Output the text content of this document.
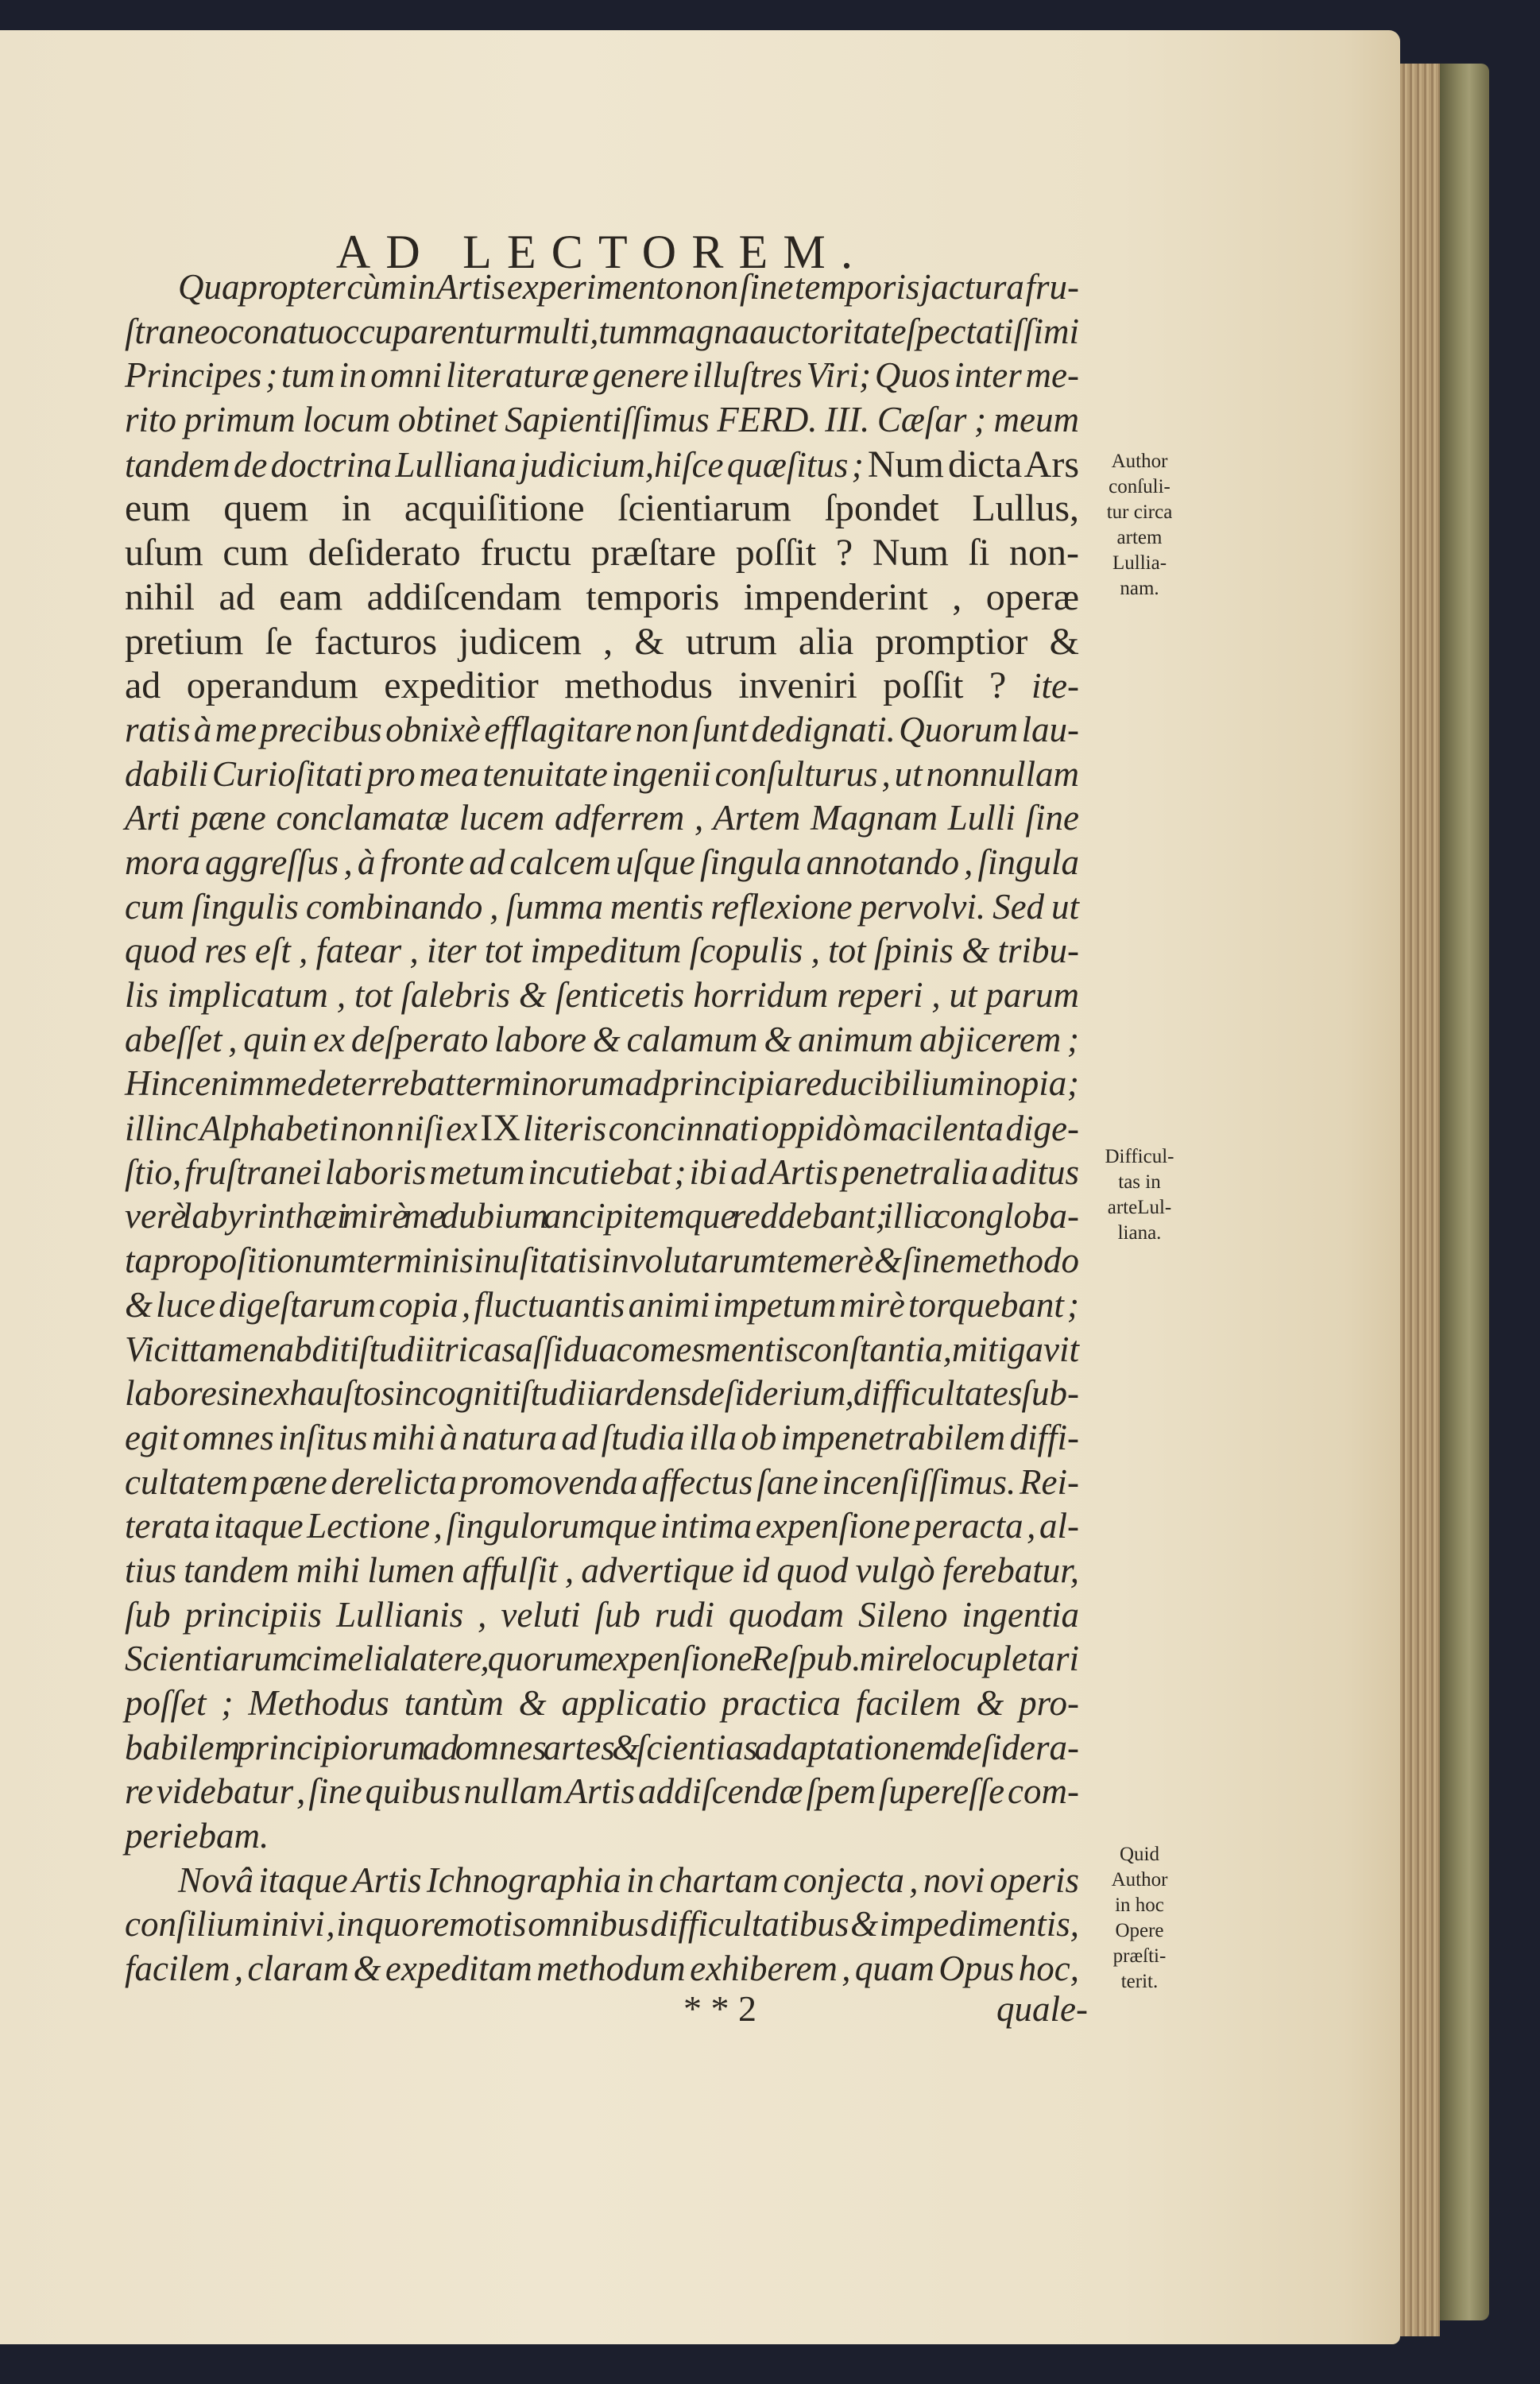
AD LECTOREM.
Quapropter cùm in Artis experimento non ſine temporis jactura fru-
ſtraneo conatu occuparentur multi , tum magna auctoritate ſpectatiſſimi
Principes ; tum in omni literaturæ genere illuſtres Viri; Quos inter me-
rito primum locum obtinet Sapientiſſimus FERD. III. Cæſar ; meum
tandem de doctrina Lulliana judicium,hiſce quæſitus ; Num dicta Ars
eum quem in acquiſitione ſcientiarum ſpondet Lullus,
uſum cum deſiderato fructu præſtare poſſit ? Num ſi non-
nihil ad eam addiſcendam temporis impenderint , operæ
pretium ſe facturos judicem , & utrum alia promptior &
ad operandum expeditior methodus inveniri poſſit ? ite-
ratis à me precibus obnixè efflagitare non ſunt dedignati. Quorum lau-
dabili Curioſitati pro mea tenuitate ingenii conſulturus , ut nonnullam
Arti pæne conclamatæ lucem adferrem , Artem Magnam Lulli ſine
mora aggreſſus , à fronte ad calcem uſque ſingula annotando , ſingula
cum ſingulis combinando , ſumma mentis reflexione pervolvi. Sed ut
quod res eſt , fatear , iter tot impeditum ſcopulis , tot ſpinis & tribu-
lis implicatum , tot ſalebris & ſenticetis horridum reperi , ut parum
abeſſet , quin ex deſperato labore & calamum & animum abjicerem ;
Hinc enim me deterrebat terminorum ad principia reducibilium inopia ;
illinc Alphabeti non niſi ex IX literis concinnati oppidò macilenta dige-
ſtio, fruſtranei laboris metum incutiebat ; ibi ad Artis penetralia aditus
verè labyrinthæi mirè me dubium ancipitemque reddebant; illic congloba-
ta propoſitionum terminis inuſitatis involutarum temerè & ſine methodo
& luce digeſtarum copia , fluctuantis animi impetum mirè torquebant ;
Vicit tamen abditi ſtudii tricas aſſidua comes mentis conſtantia,mitigavit
labores inexhauſtos incogniti ſtudii ardens deſiderium , difficultates ſub-
egit omnes inſitus mihi à natura ad ſtudia illa ob impenetrabilem diffi-
cultatem pæne derelicta promovenda affectus ſane incenſiſſimus. Rei-
terata itaque Lectione , ſingulorumque intima expenſione peracta , al-
tius tandem mihi lumen affulſit , advertique id quod vulgò ferebatur,
ſub principiis Lullianis , veluti ſub rudi quodam Sileno ingentia
Scientiarum cimelia latere , quorum expenſione Reſpub. mire locupletari
poſſet ; Methodus tantùm & applicatio practica facilem & pro-
babilem principiorum ad omnes artes & ſcientias adaptationem deſidera-
re videbatur , ſine quibus nullam Artis addiſcendæ ſpem ſupereſſe com-
periebam.
Novâ itaque Artis Ichnographia in chartam conjecta , novi operis
conſilium inivi , in quo remotis omnibus difficultatibus & impedimentis,
facilem , claram & expeditam methodum exhiberem , quam Opus hoc,
Author
conſuli-
tur circa
artem
Lullia-
nam.
Difficul-
tas in
arteLul-
liana.
Quid
Author
in hoc
Opere
præſti-
terit.
* * 2	quale-
